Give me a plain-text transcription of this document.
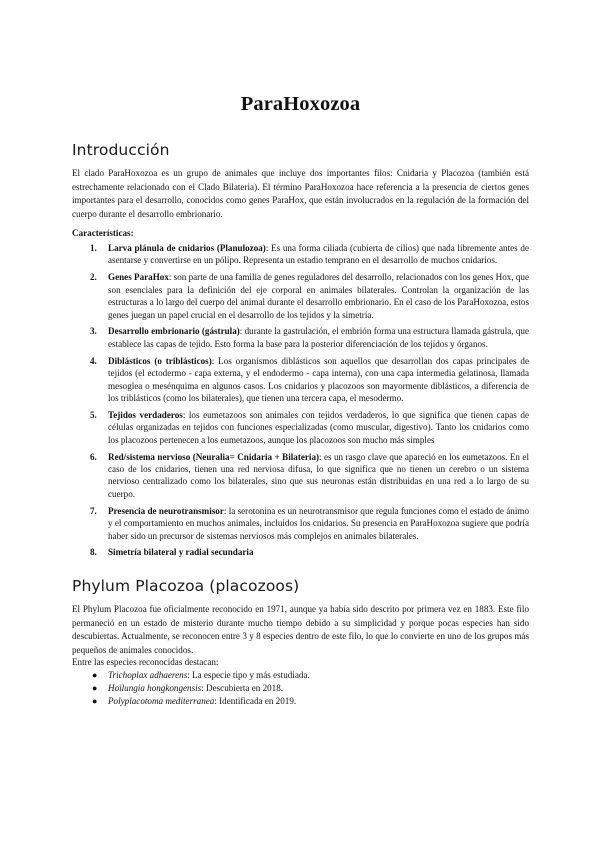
ParaHoxozoa
Introducción

El clado ParaHoxozoa es un grupo de animales que incluye dos importantes filos: Cnidaria y Placozoa (también está estrechamente relacionado con el Clado Bilateria). El término ParaHoxozoa hace referencia a la presencia de ciertos genes importantes para el desarrollo, conocidos como genes ParaHox, que están involucrados en la regulación de la formación del cuerpo durante el desarrollo embrionario.

Características:
1. Larva plánula de cnidarios (Planulozoa): Es una forma ciliada (cubierta de cilios) que nada libremente antes de asentarse y convertirse en un pólipo. Representa un estadio temprano en el desarrollo de muchos cnidarios.
2. Genes ParaHox: son parte de una familia de genes reguladores del desarrollo, relacionados con los genes Hox, que son esenciales para la definición del eje corporal en animales bilaterales. Controlan la organización de las estructuras a lo largo del cuerpo del animal durante el desarrollo embrionario. En el caso de los ParaHoxozoa, estos genes juegan un papel crucial en el desarrollo de los tejidos y la simetría.
3. Desarrollo embrionario (gástrula): durante la gastrulación, el embrión forma una estructura llamada gástrula, que establece las capas de tejido. Esto forma la base para la posterior diferenciación de los tejidos y órganos.
4. Diblásticos (o triblásticos): Los organismos diblásticos son aquellos que desarrollan dos capas principales de tejidos (el ectodermo - capa externa, y el endodermo - capa interna), con una capa intermedia gelatinosa, llamada mesoglea o mesénquima en algunos casos. Los cnidarios y placozoos son mayormente diblásticos, a diferencia de los triblásticos (como los bilaterales), que tienen una tercera capa, el mesodermo.
5. Tejidos verdaderos: los eumetazoos son animales con tejidos verdaderos, lo que significa que tienen capas de células organizadas en tejidos con funciones especializadas (como muscular, digestivo). Tanto los cnidarios como los placozoos pertenecen a los eumetazoos, aunque los placozoos son mucho más simples
6. Red/sistema nervioso (Neuralia= Cnidaria + Bilateria): es un rasgo clave que apareció en los eumetazoos. En el caso de los cnidarios, tienen una red nerviosa difusa, lo que significa que no tienen un cerebro o un sistema nervioso centralizado como los bilaterales, sino que sus neuronas están distribuidas en una red a lo largo de su cuerpo.
7. Presencia de neurotransmisor: la serotonina es un neurotransmisor que regula funciones como el estado de ánimo y el comportamiento en muchos animales, incluidos los cnidarios. Su presencia en ParaHoxozoa sugiere que podría haber sido un precursor de sistemas nerviosos más complejos en animales bilaterales.
8. Simetría bilateral y radial secundaria
Phylum Placozoa (placozoos)

El Phylum Placozoa fue oficialmente reconocido en 1971, aunque ya había sido descrito por primera vez en 1883. Este filo permaneció en un estado de misterio durante mucho tiempo debido a su simplicidad y porque pocas especies han sido descubiertas. Actualmente, se reconocen entre 3 y 8 especies dentro de este filo, lo que lo convierte en uno de los grupos más pequeños de animales conocidos.

Entre las especies reconocidas destacan:
● Trichoplax adhaerens: La especie tipo y más estudiada.
● Hoilungia hongkongensis: Descubierta en 2018.
● Polyplacotoma mediterranea: Identificada en 2019.
